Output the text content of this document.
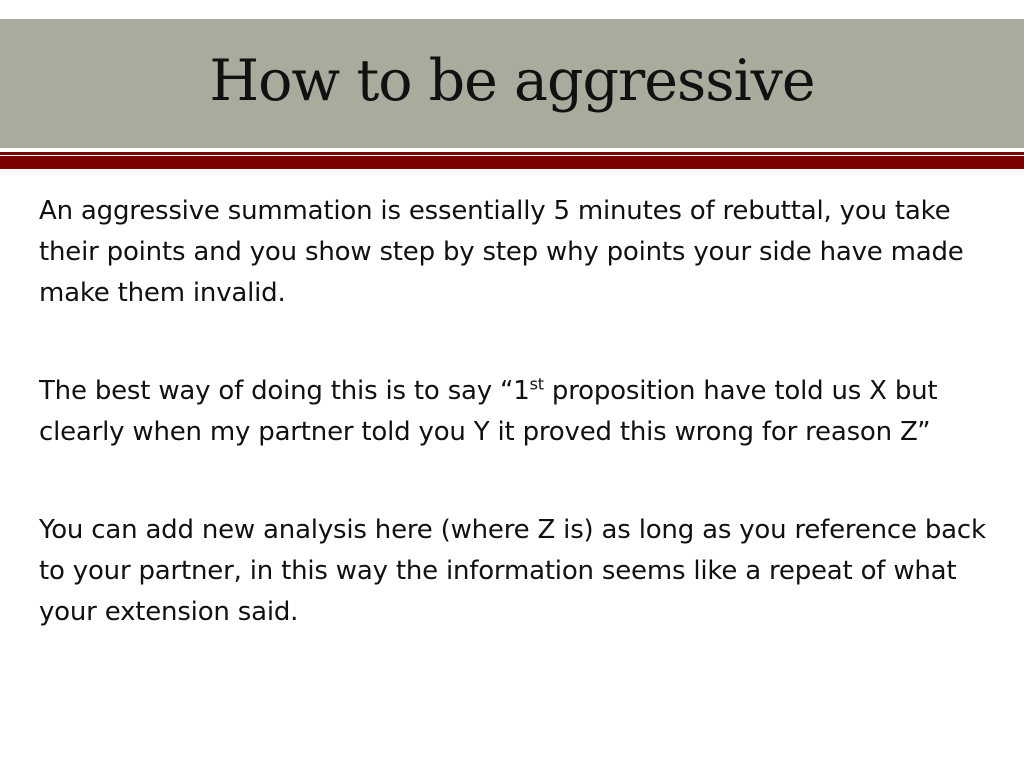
How to be aggressive

An aggressive summation is essentially 5 minutes of rebuttal, you take their points and you show step by step why points your side have made make them invalid.

The best way of doing this is to say “1st proposition have told us X but clearly when my partner told you Y it proved this wrong for reason Z”

You can add new analysis here (where Z is) as long as you reference back to your partner, in this way the information seems like a repeat of what your extension said.
